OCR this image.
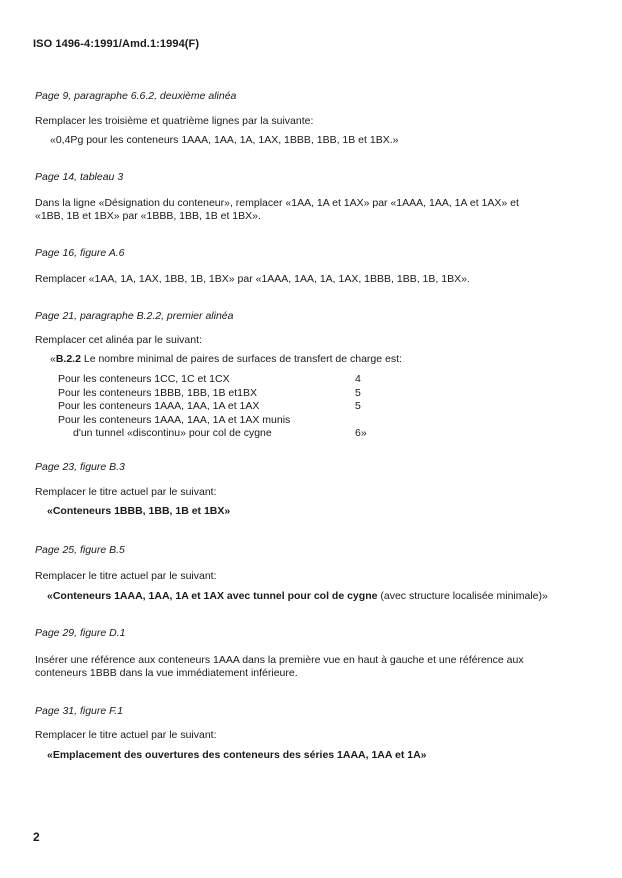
ISO 1496-4:1991/Amd.1:1994(F)
Page 9, paragraphe 6.6.2, deuxième alinéa
Remplacer les troisième et quatrième lignes par la suivante:
«0,4Pg pour les conteneurs 1AAA, 1AA, 1A, 1AX, 1BBB, 1BB, 1B et 1BX.»
Page 14, tableau 3
Dans la ligne «Désignation du conteneur», remplacer «1AA, 1A et 1AX» par «1AAA, 1AA, 1A et 1AX» et
«1BB, 1B et 1BX» par «1BBB, 1BB, 1B et 1BX».
Page 16, figure A.6
Remplacer «1AA, 1A, 1AX, 1BB, 1B, 1BX» par «1AAA, 1AA, 1A, 1AX, 1BBB, 1BB, 1B, 1BX».
Page 21, paragraphe B.2.2, premier alinéa
Remplacer cet alinéa par le suivant:
«B.2.2 Le nombre minimal de paires de surfaces de transfert de charge est:
Pour les conteneurs 1CC, 1C et 1CX	4
Pour les conteneurs 1BBB, 1BB, 1B et1BX	5
Pour les conteneurs 1AAA, 1AA, 1A et 1AX	5
Pour les conteneurs 1AAA, 1AA, 1A et 1AX munis
d'un tunnel «discontinu» pour col de cygne	6»
Page 23, figure B.3
Remplacer le titre actuel par le suivant:
«Conteneurs 1BBB, 1BB, 1B et 1BX»
Page 25, figure B.5
Remplacer le titre actuel par le suivant:
«Conteneurs 1AAA, 1AA, 1A et 1AX avec tunnel pour col de cygne (avec structure localisée minimale)»
Page 29, figure D.1
Insérer une référence aux conteneurs 1AAA dans la première vue en haut à gauche et une référence aux
conteneurs 1BBB dans la vue immédiatement inférieure.
Page 31, figure F.1
Remplacer le titre actuel par le suivant:
«Emplacement des ouvertures des conteneurs des séries 1AAA, 1AA et 1A»
2
